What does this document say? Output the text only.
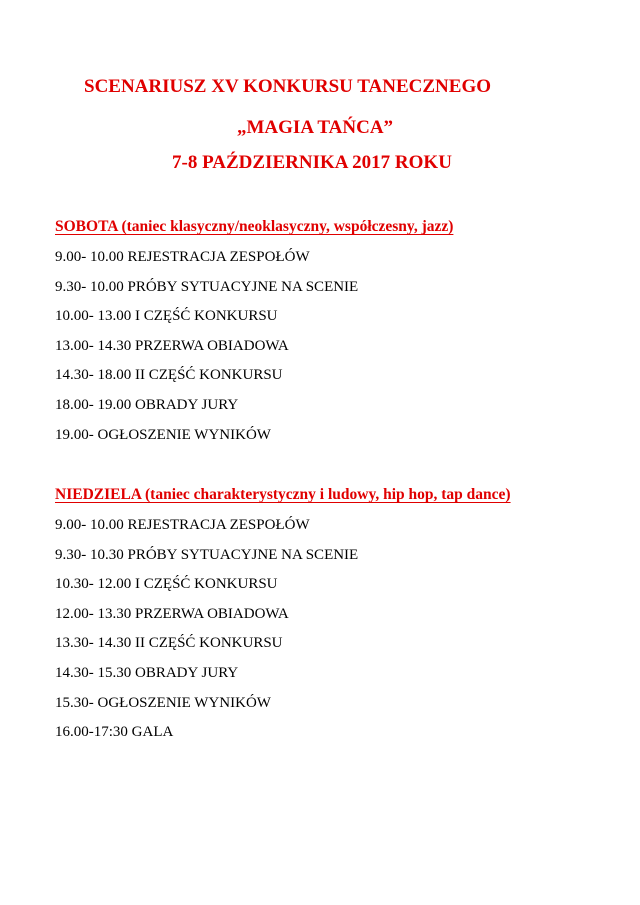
SCENARIUSZ XV KONKURSU TANECZNEGO
„MAGIA TAŃCA”
7-8 PAŹDZIERNIKA 2017 ROKU
SOBOTA (taniec klasyczny/neoklasyczny, współczesny, jazz)
9.00- 10.00 REJESTRACJA ZESPOŁÓW
9.30- 10.00 PRÓBY SYTUACYJNE NA SCENIE
10.00- 13.00 I CZĘŚĆ KONKURSU
13.00- 14.30 PRZERWA OBIADOWA
14.30- 18.00 II CZĘŚĆ KONKURSU
18.00- 19.00 OBRADY JURY
19.00- OGŁOSZENIE WYNIKÓW
NIEDZIELA (taniec charakterystyczny i ludowy, hip hop, tap dance)
9.00- 10.00 REJESTRACJA ZESPOŁÓW
9.30- 10.30 PRÓBY SYTUACYJNE NA SCENIE
10.30- 12.00 I CZĘŚĆ KONKURSU
12.00- 13.30 PRZERWA OBIADOWA
13.30- 14.30 II CZĘŚĆ KONKURSU
14.30- 15.30 OBRADY JURY
15.30- OGŁOSZENIE WYNIKÓW
16.00-17:30 GALA
